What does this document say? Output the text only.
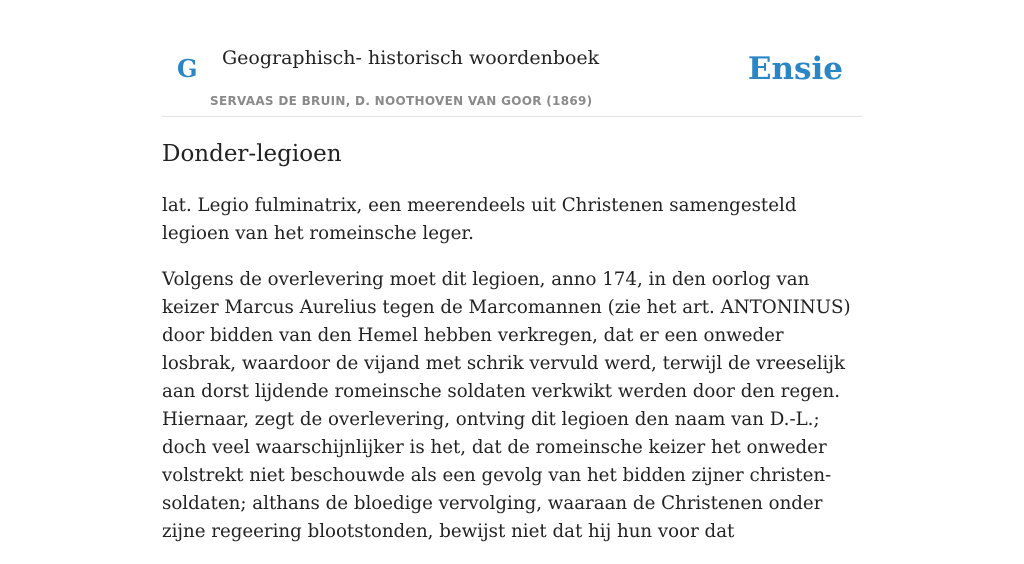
G Geographisch- historisch woordenboek
SERVAAS DE BRUIN, D. NOOTHOVEN VAN GOOR (1869)
Ensie
Donder-legioen

lat. Legio fulminatrix, een meerendeels uit Christenen samengesteld legioen van het romeinsche leger.

Volgens de overlevering moet dit legioen, anno 174, in den oorlog van keizer Marcus Aurelius tegen de Marcomannen (zie het art. ANTONINUS) door bidden van den Hemel hebben verkregen, dat er een onweder losbrak, waardoor de vijand met schrik vervuld werd, terwijl de vreeselijk aan dorst lijdende romeinsche soldaten verkwikt werden door den regen. Hiernaar, zegt de overlevering, ontving dit legioen den naam van D.-L.; doch veel waarschijnlijker is het, dat de romeinsche keizer het onweder volstrekt niet beschouwde als een gevolg van het bidden zijner christen-soldaten; althans de bloedige vervolging, waaraan de Christenen onder zijne regeering blootstonden, bewijst niet dat hij hun voor dat
